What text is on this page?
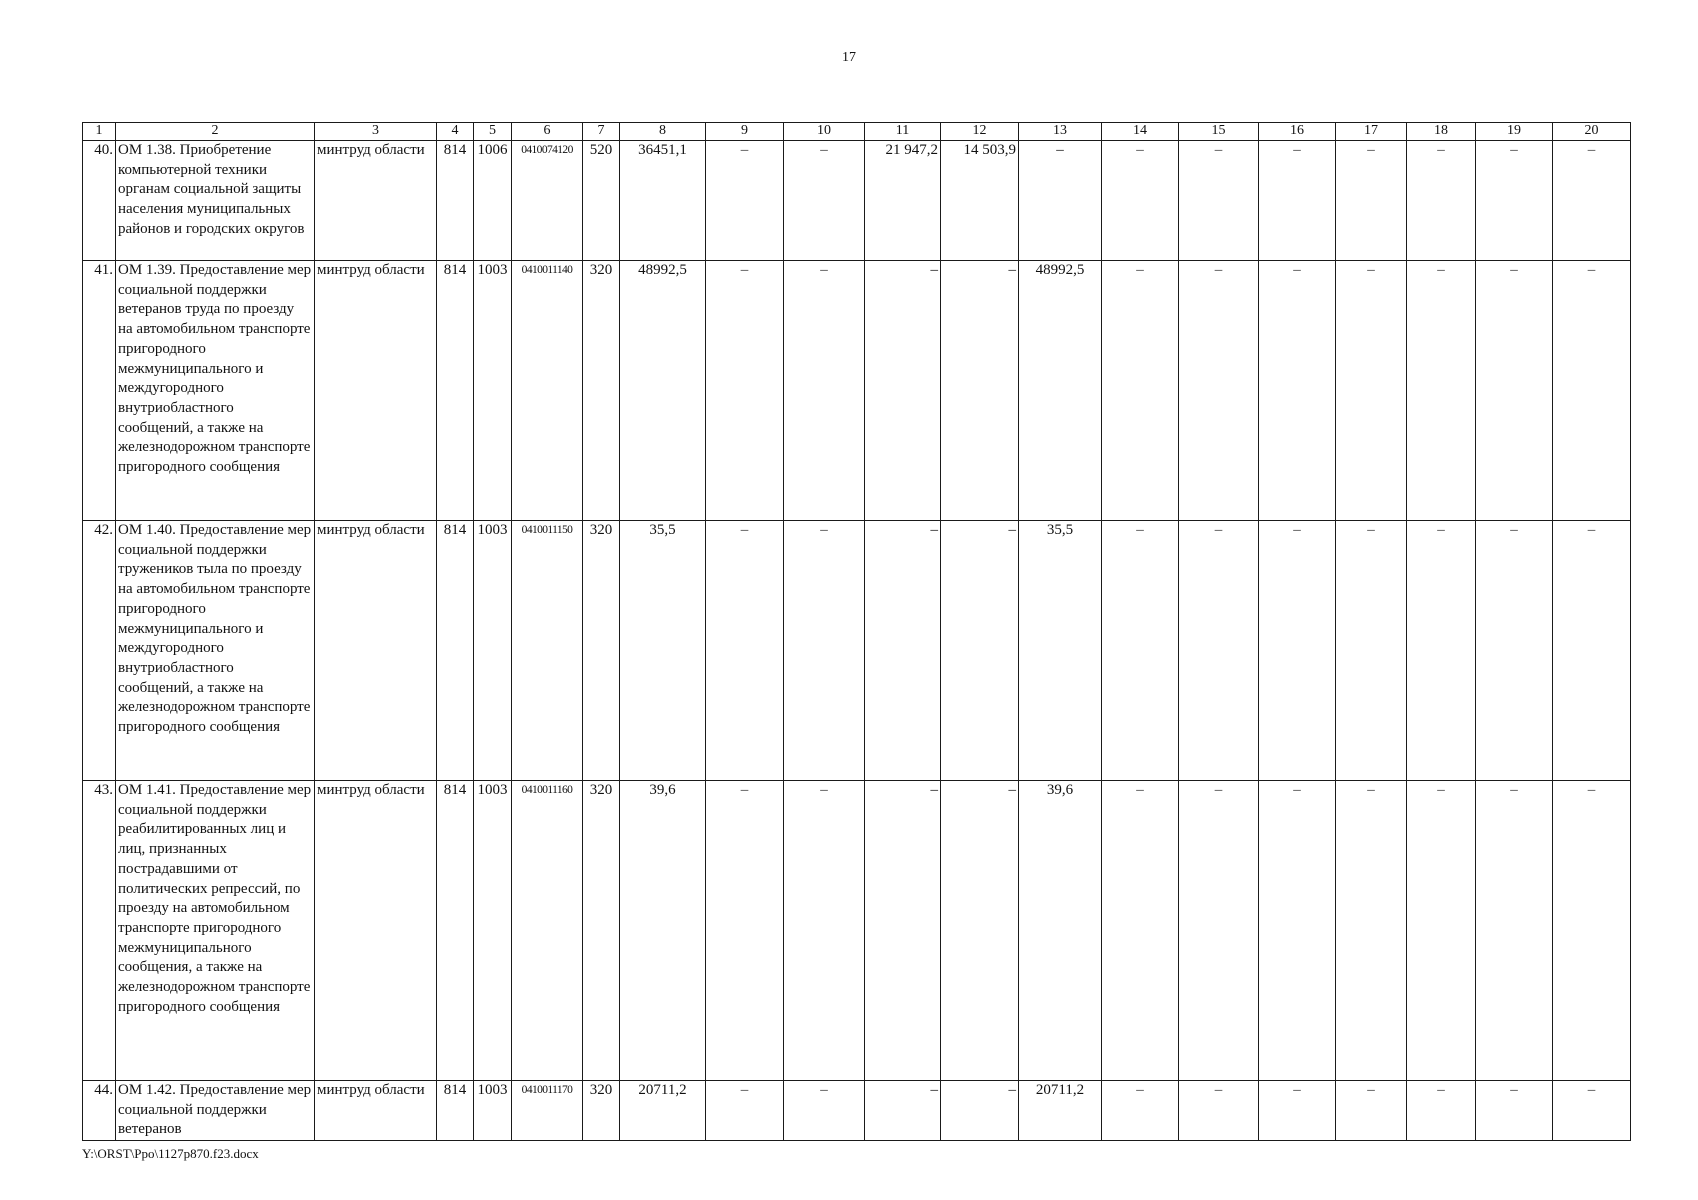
17
1	2	3	4	5	6	7	8	9	10	11	12	13	14	15	16	17	18	19	20
40.	ОМ 1.38. Приобретение компьютерной техники органам социальной защиты населения муниципальных районов и городских округов	минтруд области	814	1006	0410074120	520	36451,1	–	–	21 947,2	14 503,9	–	–	–	–	–	–	–	–
41.	ОМ 1.39. Предоставление мер социальной поддержки ветеранов труда по проезду на автомобильном транспорте пригородного межмуниципального и междугородного внутриобластного сообщений, а также на железнодорожном транспорте пригородного сообщения	минтруд области	814	1003	0410011140	320	48992,5	–	–	–	–	48992,5	–	–	–	–	–	–	–
42.	ОМ 1.40. Предоставление мер социальной поддержки тружеников тыла по проезду на автомобильном транспорте пригородного межмуниципального и междугородного внутриобластного сообщений, а также на железнодорожном транспорте пригородного сообщения	минтруд области	814	1003	0410011150	320	35,5	–	–	–	–	35,5	–	–	–	–	–	–	–
43.	ОМ 1.41. Предоставление мер социальной поддержки реабилитированных лиц и лиц, признанных пострадавшими от политических репрессий, по проезду на автомобильном транспорте пригородного межмуниципального сообщения, а также на железнодорожном транспорте пригородного сообщения	минтруд области	814	1003	0410011160	320	39,6	–	–	–	–	39,6	–	–	–	–	–	–	–
44.	ОМ 1.42. Предоставление мер социальной поддержки ветеранов	минтруд области	814	1003	0410011170	320	20711,2	–	–	–	–	20711,2	–	–	–	–	–	–	–
Y:\ORST\Ppo\1127p870.f23.docx
